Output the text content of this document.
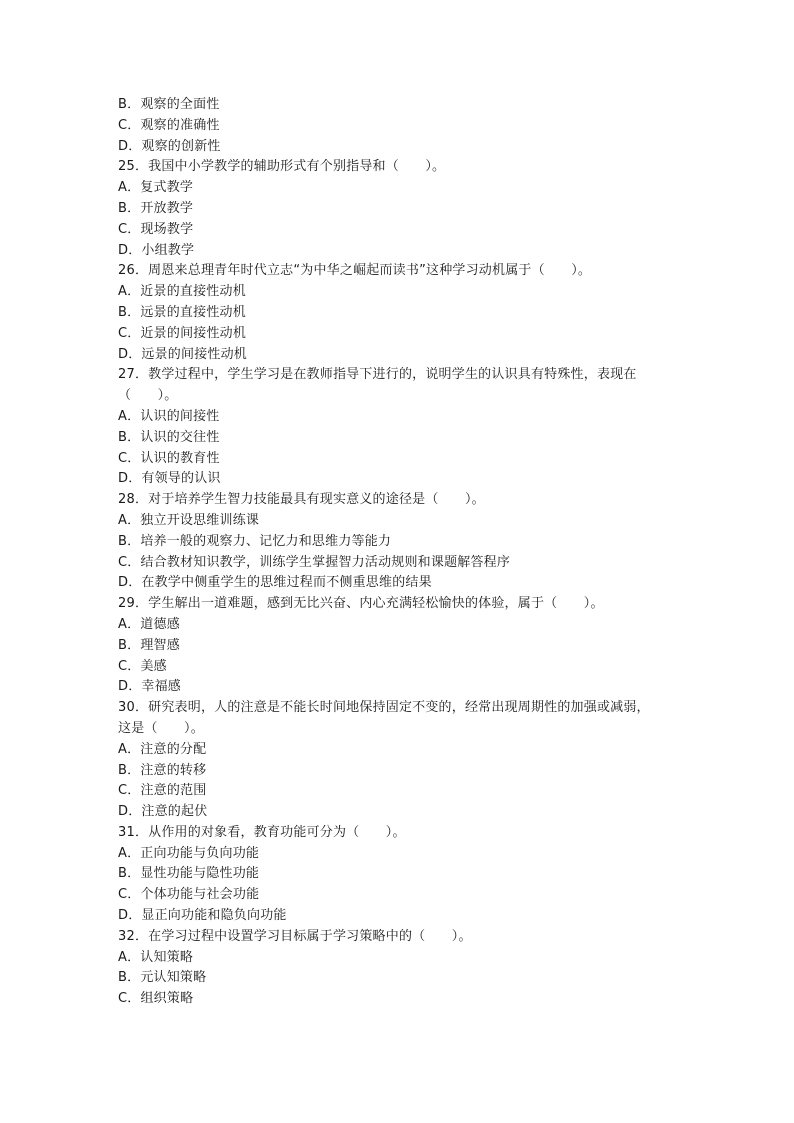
B．观察的全面性
C．观察的准确性
D．观察的创新性
25．我国中小学教学的辅助形式有个别指导和（　　）。
A．复式教学
B．开放教学
C．现场教学
D．小组教学
26．周恩来总理青年时代立志“为中华之崛起而读书”这种学习动机属于（　　）。
A．近景的直接性动机
B．远景的直接性动机
C．近景的间接性动机
D．远景的间接性动机
27．教学过程中，学生学习是在教师指导下进行的，说明学生的认识具有特殊性，表现在
（　　）。
A．认识的间接性
B．认识的交往性
C．认识的教育性
D．有领导的认识
28．对于培养学生智力技能最具有现实意义的途径是（　　）。
A．独立开设思维训练课
B．培养一般的观察力、记忆力和思维力等能力
C．结合教材知识教学，训练学生掌握智力活动规则和课题解答程序
D．在教学中侧重学生的思维过程而不侧重思维的结果
29．学生解出一道难题，感到无比兴奋、内心充满轻松愉快的体验，属于（　　）。
A．道德感
B．理智感
C．美感
D．幸福感
30．研究表明，人的注意是不能长时间地保持固定不变的，经常出现周期性的加强或减弱，
这是（　　）。
A．注意的分配
B．注意的转移
C．注意的范围
D．注意的起伏
31．从作用的对象看，教育功能可分为（　　）。
A．正向功能与负向功能
B．显性功能与隐性功能
C．个体功能与社会功能
D．显正向功能和隐负向功能
32．在学习过程中设置学习目标属于学习策略中的（　　）。
A．认知策略
B．元认知策略
C．组织策略
